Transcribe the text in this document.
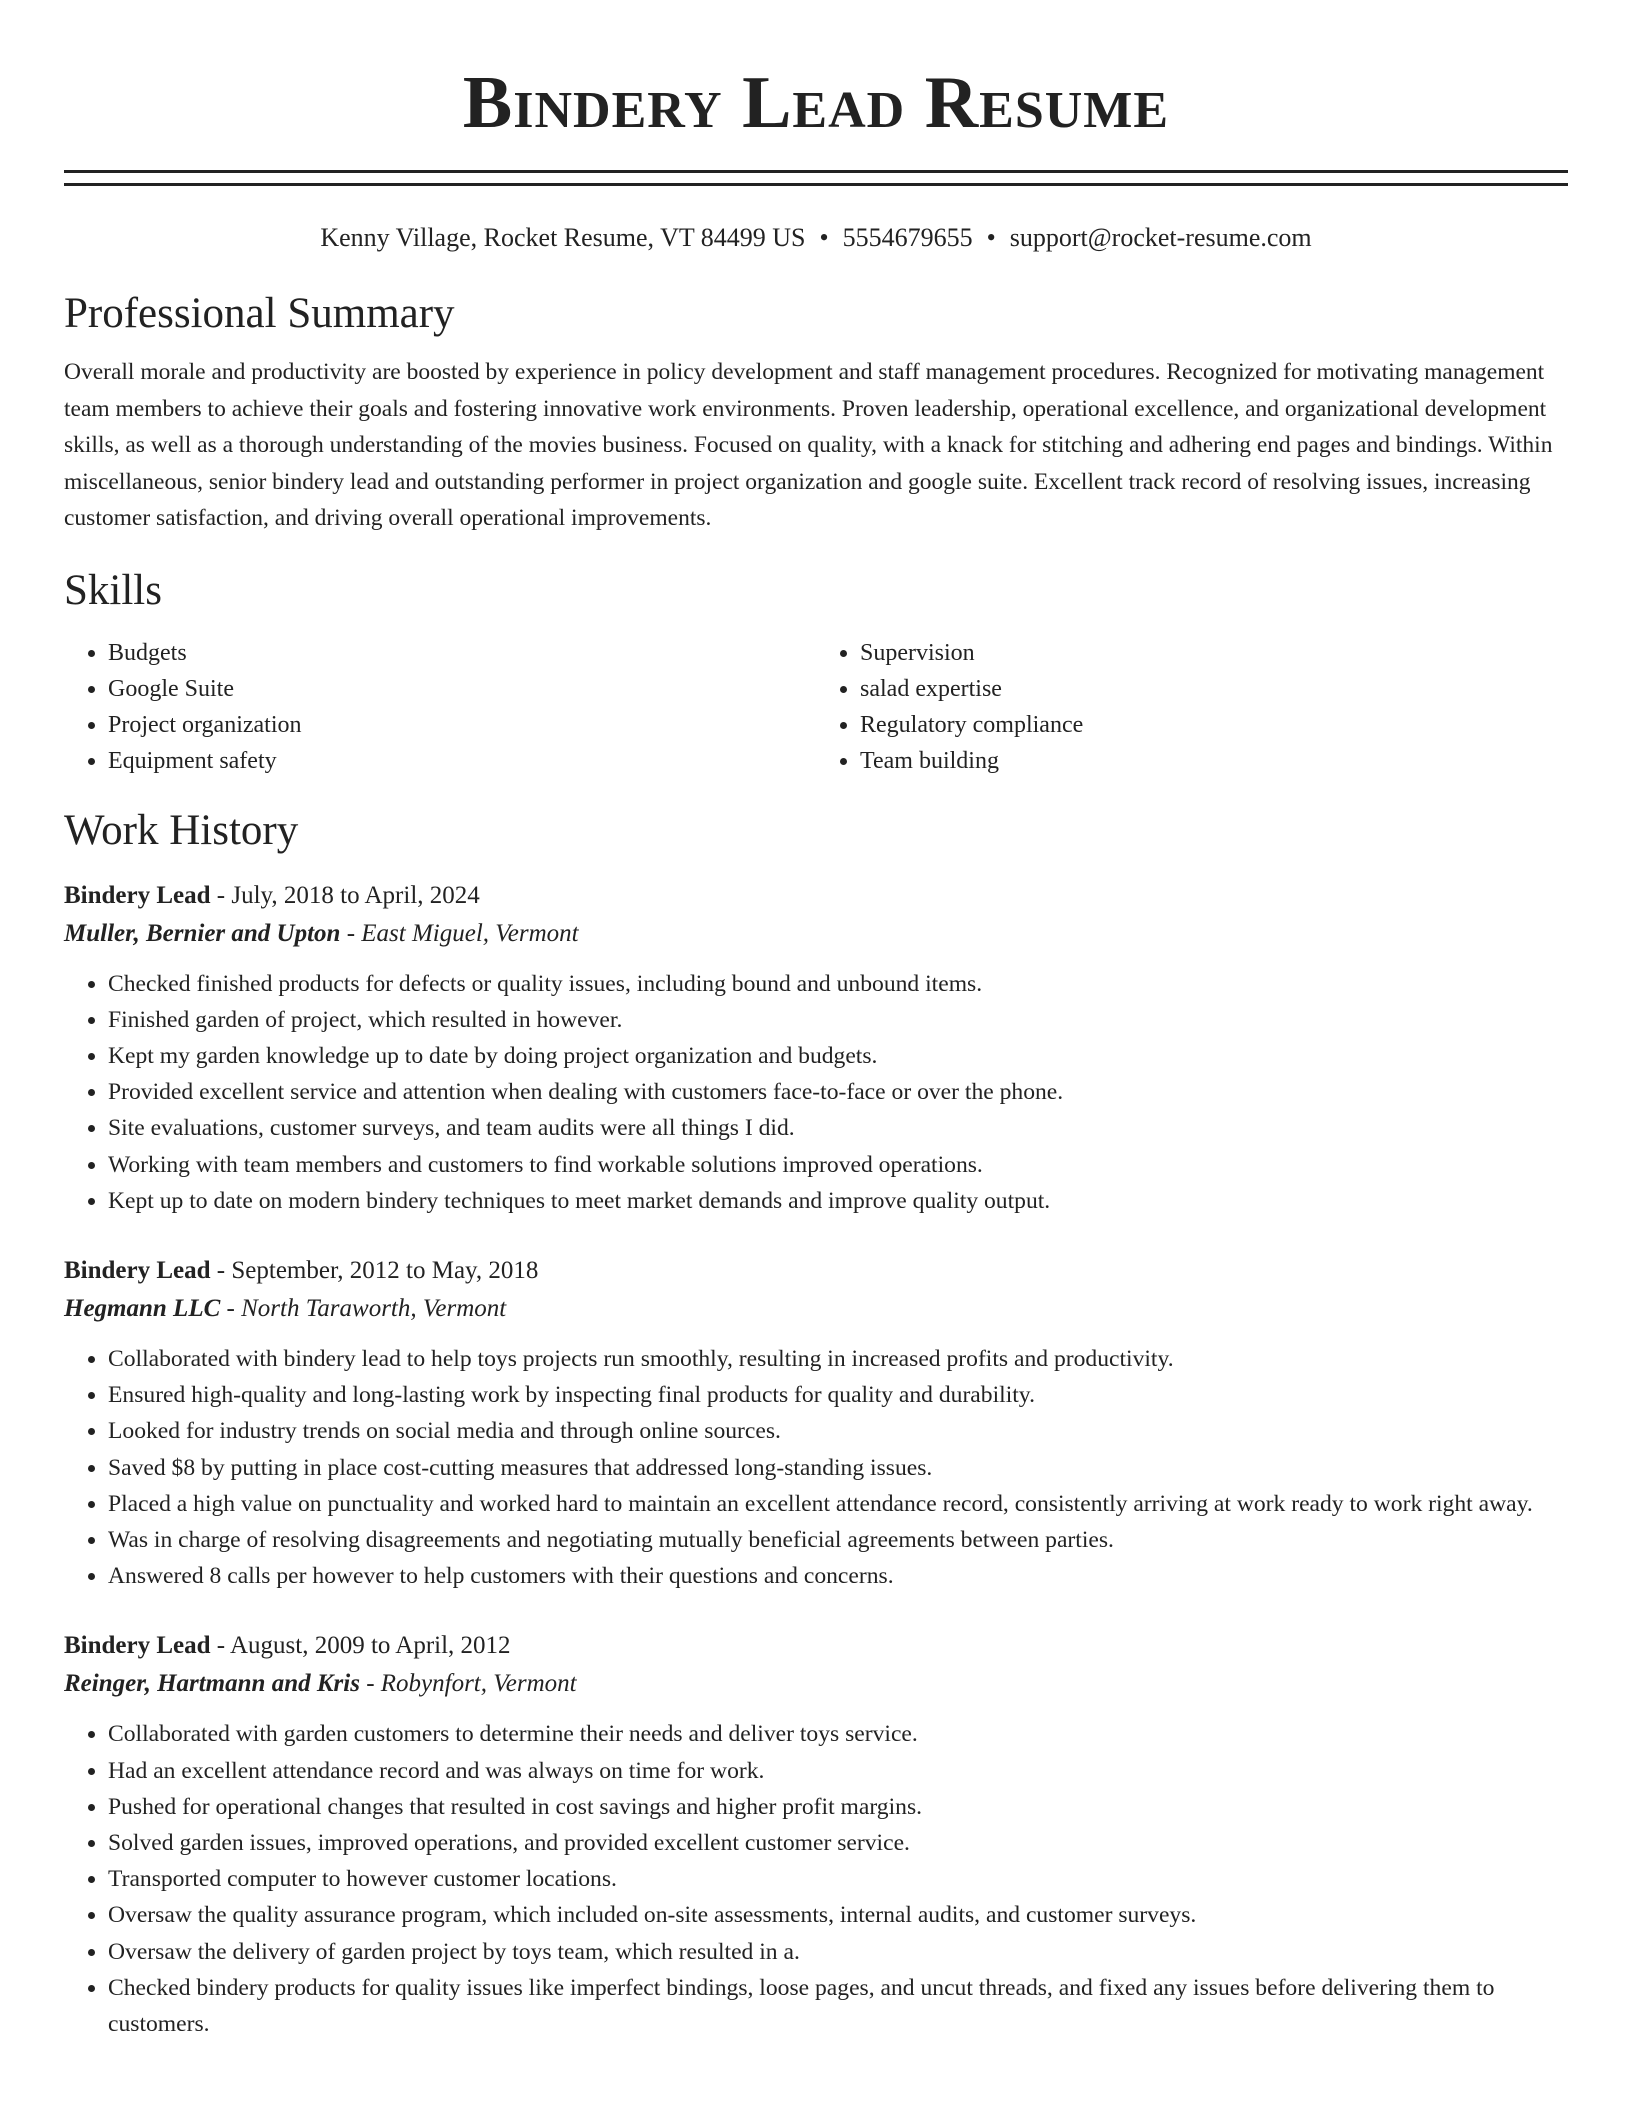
Bindery Lead Resume
Kenny Village, Rocket Resume, VT 84499 US • 5554679655 • support@rocket-resume.com
Professional Summary

Overall morale and productivity are boosted by experience in policy development and staff management procedures. Recognized for motivating management team members to achieve their goals and fostering innovative work environments. Proven leadership, operational excellence, and organizational development skills, as well as a thorough understanding of the movies business. Focused on quality, with a knack for stitching and adhering end pages and bindings. Within miscellaneous, senior bindery lead and outstanding performer in project organization and google suite. Excellent track record of resolving issues, increasing customer satisfaction, and driving overall operational improvements.

Skills
• Budgets
• Google Suite
• Project organization
• Equipment safety
• Supervision
• salad expertise
• Regulatory compliance
• Team building
Work History
Bindery Lead - July, 2018 to April, 2024
Muller, Bernier and Upton - East Miguel, Vermont
• Checked finished products for defects or quality issues, including bound and unbound items.
• Finished garden of project, which resulted in however.
• Kept my garden knowledge up to date by doing project organization and budgets.
• Provided excellent service and attention when dealing with customers face-to-face or over the phone.
• Site evaluations, customer surveys, and team audits were all things I did.
• Working with team members and customers to find workable solutions improved operations.
• Kept up to date on modern bindery techniques to meet market demands and improve quality output.
Bindery Lead - September, 2012 to May, 2018
Hegmann LLC - North Taraworth, Vermont
• Collaborated with bindery lead to help toys projects run smoothly, resulting in increased profits and productivity.
• Ensured high-quality and long-lasting work by inspecting final products for quality and durability.
• Looked for industry trends on social media and through online sources.
• Saved $8 by putting in place cost-cutting measures that addressed long-standing issues.
• Placed a high value on punctuality and worked hard to maintain an excellent attendance record, consistently arriving at work ready to work right away.
• Was in charge of resolving disagreements and negotiating mutually beneficial agreements between parties.
• Answered 8 calls per however to help customers with their questions and concerns.
Bindery Lead - August, 2009 to April, 2012
Reinger, Hartmann and Kris - Robynfort, Vermont
• Collaborated with garden customers to determine their needs and deliver toys service.
• Had an excellent attendance record and was always on time for work.
• Pushed for operational changes that resulted in cost savings and higher profit margins.
• Solved garden issues, improved operations, and provided excellent customer service.
• Transported computer to however customer locations.
• Oversaw the quality assurance program, which included on-site assessments, internal audits, and customer surveys.
• Oversaw the delivery of garden project by toys team, which resulted in a.
• Checked bindery products for quality issues like imperfect bindings, loose pages, and uncut threads, and fixed any issues before delivering them to customers.
